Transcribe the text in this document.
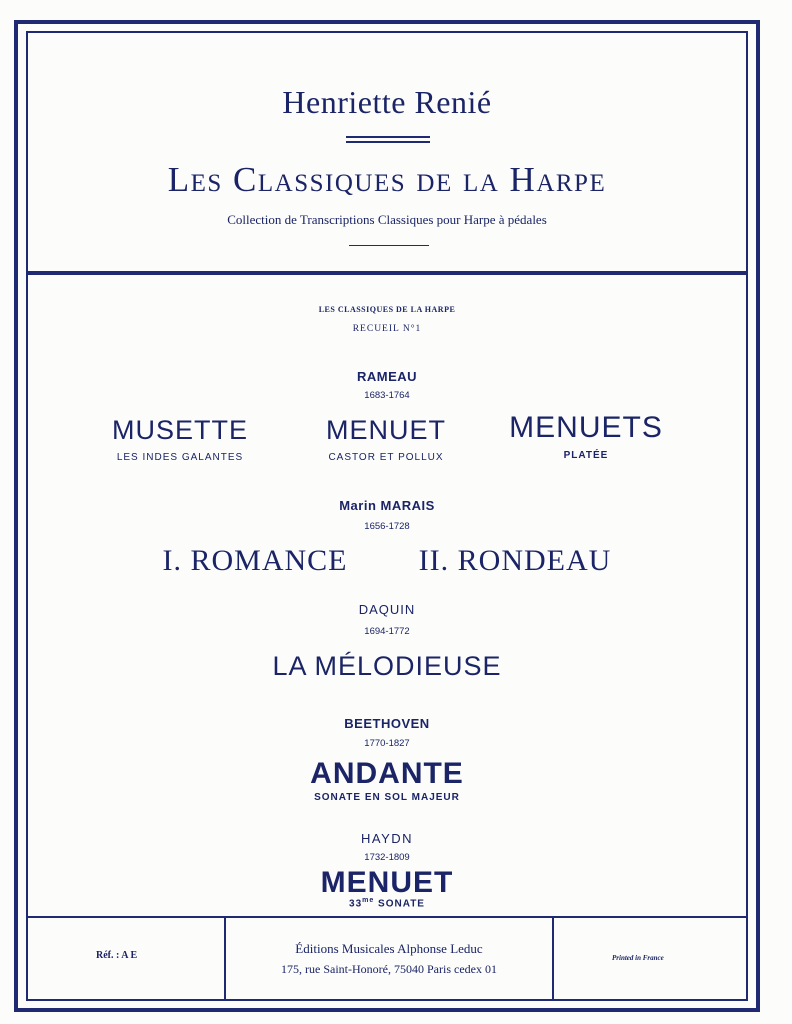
Henriette Renié
Les Classiques de la Harpe
Collection de Transcriptions Classiques pour Harpe à pédales
LES CLASSIQUES DE LA HARPE
RECUEIL N°1
RAMEAU
1683-1764
MUSETTE
LES INDES GALANTES
MENUET
CASTOR ET POLLUX
MENUETS
PLATÉE
Marin MARAIS
1656-1728
I. ROMANCE	II. RONDEAU
DAQUIN
1694-1772
LA MÉLODIEUSE
BEETHOVEN
1770-1827
ANDANTE
SONATE EN SOL MAJEUR
HAYDN
1732-1809
MENUET
$33^{me}$ SONATE
Réf. : A E	Éditions Musicales Alphonse Leduc
175, rue Saint-Honoré, 75040 Paris cedex 01
Printed in France
